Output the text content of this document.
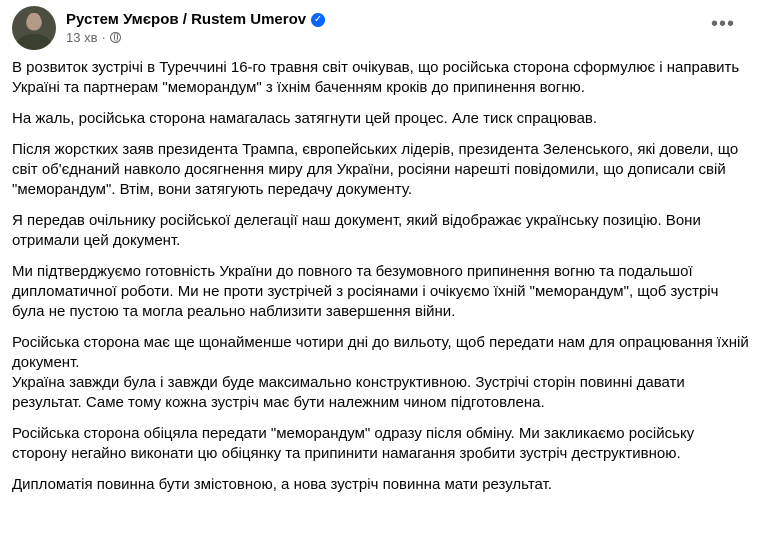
Рустем Умєров / Rustem Umerov ✓
13 хв ·
•••

В розвиток зустрічі в Туреччині 16-го травня світ очікував, що російська сторона сформулює і направить Україні та партнерам "меморандум" з їхнім баченням кроків до припинення вогню.

На жаль, російська сторона намагалась затягнути цей процес. Але тиск спрацював.

Після жорстких заяв президента Трампа, європейських лідерів, президента Зеленського, які довели, що світ об'єднаний навколо досягнення миру для України, росіяни нарешті повідомили, що дописали свій "меморандум". Втім, вони затягують передачу документу.

Я передав очільнику російської делегації наш документ, який відображає українську позицію. Вони отримали цей документ.

Ми підтверджуємо готовність України до повного та безумовного припинення вогню та подальшої дипломатичної роботи. Ми не проти зустрічей з росіянами і очікуємо їхній "меморандум", щоб зустріч була не пустою та могла реально наблизити завершення війни.

Російська сторона має ще щонайменше чотири дні до вильоту, щоб передати нам для опрацювання їхній документ.
Україна завжди була і завжди буде максимально конструктивною. Зустрічі сторін повинні давати результат. Саме тому кожна зустріч має бути належним чином підготовлена.

Російська сторона обіцяла передати "меморандум" одразу після обміну. Ми закликаємо російську сторону негайно виконати цю обіцянку та припинити намагання зробити зустріч деструктивною.

Дипломатія повинна бути змістовною, а нова зустріч повинна мати результат.
